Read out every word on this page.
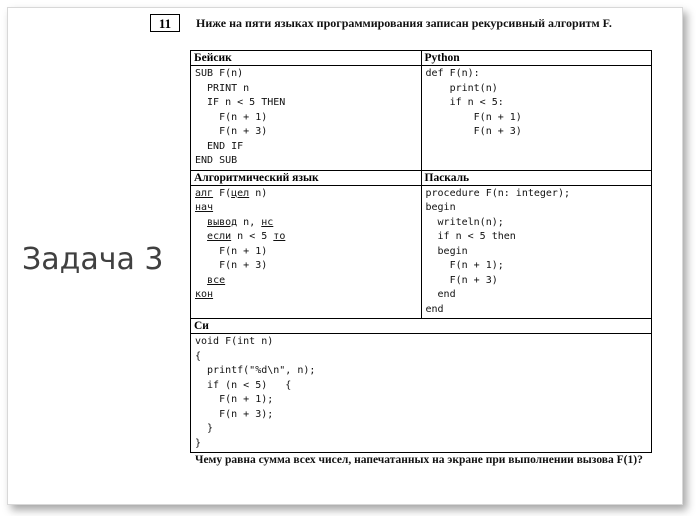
Задача 3
11	Ниже на пяти языках программирования записан рекурсивный алгоритм F.
Бейсик
SUB F(n)
PRINT n
IF n < 5 THEN
F(n + 1)
F(n + 3)
END IF
END SUB
Python
def F(n):
print(n)
if n < 5:
F(n + 1)
F(n + 3)
Алгоритмический язык
алг F(цел n)
нач
вывод n, нс
если n < 5 то
F(n + 1)
F(n + 3)
все
кон
Паскаль
procedure F(n: integer);
begin
writeln(n);
if n < 5 then
begin
F(n + 1);
F(n + 3)
end
end
Си
void F(int n)
{
printf("%d\n", n);
if (n < 5)   {
F(n + 1);
F(n + 3);
}
}
Чему равна сумма всех чисел, напечатанных на экране при выполнении вызова F(1)?
